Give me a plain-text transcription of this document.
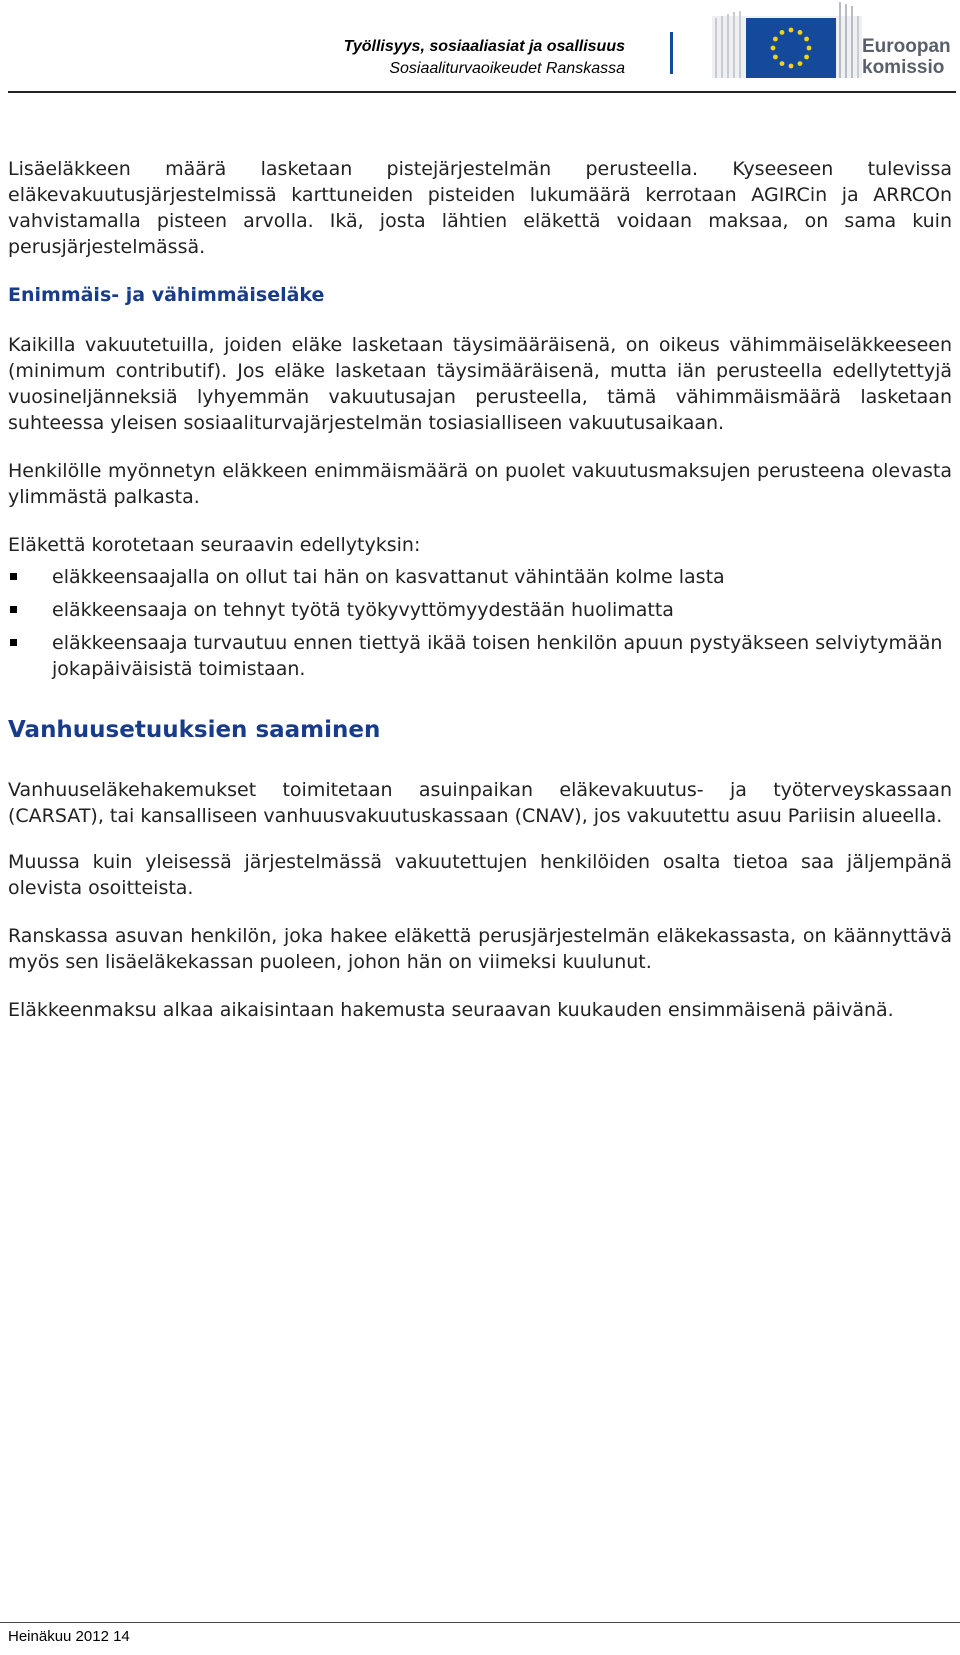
Työllisyys, sosiaaliasiat ja osallisuus
Sosiaaliturvaoikeudet Ranskassa
Euroopan
komissio

Lisäeläkkeen määrä lasketaan pistejärjestelmän perusteella. Kyseeseen tulevissa eläkevakuutusjärjestelmissä karttuneiden pisteiden lukumäärä kerrotaan AGIRCin ja ARRCOn vahvistamalla pisteen arvolla. Ikä, josta lähtien eläkettä voidaan maksaa, on sama kuin perusjärjestelmässä.

Enimmäis- ja vähimmäiseläke

Kaikilla vakuutetuilla, joiden eläke lasketaan täysimääräisenä, on oikeus vähimmäiseläkkeeseen (minimum contributif). Jos eläke lasketaan täysimääräisenä, mutta iän perusteella edellytettyjä vuosineljänneksiä lyhyemmän vakuutusajan perusteella, tämä vähimmäismäärä lasketaan suhteessa yleisen sosiaaliturvajärjestelmän tosiasialliseen vakuutusaikaan.

Henkilölle myönnetyn eläkkeen enimmäismäärä on puolet vakuutusmaksujen perusteena olevasta ylimmästä palkasta.

Eläkettä korotetaan seuraavin edellytyksin:

eläkkeensaajalla on ollut tai hän on kasvattanut vähintään kolme lasta
eläkkeensaaja on tehnyt työtä työkyvyttömyydestään huolimatta
eläkkeensaaja turvautuu ennen tiettyä ikää toisen henkilön apuun pystyäkseen selviytymään jokapäiväisistä toimistaan.
Vanhuusetuuksien saaminen

Vanhuuseläkehakemukset toimitetaan asuinpaikan eläkevakuutus- ja työterveyskassaan (CARSAT), tai kansalliseen vanhuusvakuutuskassaan (CNAV), jos vakuutettu asuu Pariisin alueella.

Muussa kuin yleisessä järjestelmässä vakuutettujen henkilöiden osalta tietoa saa jäljempänä olevista osoitteista.

Ranskassa asuvan henkilön, joka hakee eläkettä perusjärjestelmän eläkekassasta, on käännyttävä myös sen lisäeläkekassan puoleen, johon hän on viimeksi kuulunut.

Eläkkeenmaksu alkaa aikaisintaan hakemusta seuraavan kuukauden ensimmäisenä päivänä.

Heinäkuu 2012 14
